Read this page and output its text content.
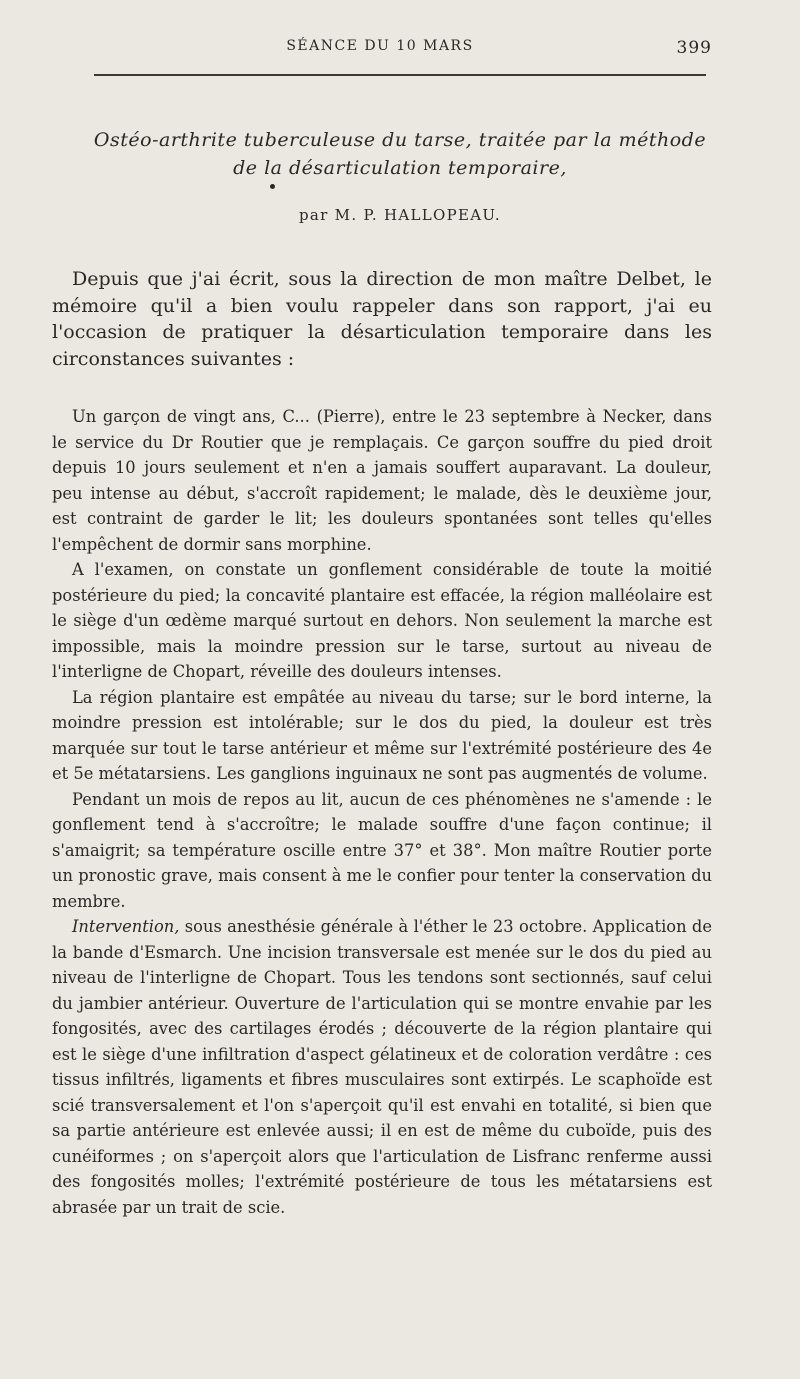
SÉANCE DU 10 MARS	399
Ostéo-arthrite tuberculeuse du tarse, traitée par la méthode
de la désarticulation temporaire,
par M. P. HALLOPEAU.

Depuis que j'ai écrit, sous la direction de mon maître Delbet, le mémoire qu'il a bien voulu rappeler dans son rapport, j'ai eu l'occasion de pratiquer la désarticulation temporaire dans les circonstances suivantes :

Un garçon de vingt ans, C... (Pierre), entre le 23 septembre à Necker, dans le service du Dr Routier que je remplaçais. Ce garçon souffre du pied droit depuis 10 jours seulement et n'en a jamais souffert auparavant. La douleur, peu intense au début, s'accroît rapidement; le malade, dès le deuxième jour, est contraint de garder le lit; les douleurs spontanées sont telles qu'elles l'empêchent de dormir sans morphine.

A l'examen, on constate un gonflement considérable de toute la moitié postérieure du pied; la concavité plantaire est effacée, la région malléolaire est le siège d'un œdème marqué surtout en dehors. Non seulement la marche est impossible, mais la moindre pression sur le tarse, surtout au niveau de l'interligne de Chopart, réveille des douleurs intenses.

La région plantaire est empâtée au niveau du tarse; sur le bord interne, la moindre pression est intolérable; sur le dos du pied, la douleur est très marquée sur tout le tarse antérieur et même sur l'extrémité postérieure des 4e et 5e métatarsiens. Les ganglions inguinaux ne sont pas augmentés de volume.

Pendant un mois de repos au lit, aucun de ces phénomènes ne s'amende : le gonflement tend à s'accroître; le malade souffre d'une façon continue; il s'amaigrit; sa température oscille entre 37° et 38°. Mon maître Routier porte un pronostic grave, mais consent à me le confier pour tenter la conservation du membre.

Intervention, sous anesthésie générale à l'éther le 23 octobre. Application de la bande d'Esmarch. Une incision transversale est menée sur le dos du pied au niveau de l'interligne de Chopart. Tous les tendons sont sectionnés, sauf celui du jambier antérieur. Ouverture de l'articulation qui se montre envahie par les fongosités, avec des cartilages érodés ; découverte de la région plantaire qui est le siège d'une infiltration d'aspect gélatineux et de coloration verdâtre : ces tissus infiltrés, ligaments et fibres musculaires sont extirpés. Le scaphoïde est scié transversalement et l'on s'aperçoit qu'il est envahi en totalité, si bien que sa partie antérieure est enlevée aussi; il en est de même du cuboïde, puis des cunéiformes ; on s'aperçoit alors que l'articulation de Lisfranc renferme aussi des fongosités molles; l'extrémité postérieure de tous les métatarsiens est abrasée par un trait de scie.
